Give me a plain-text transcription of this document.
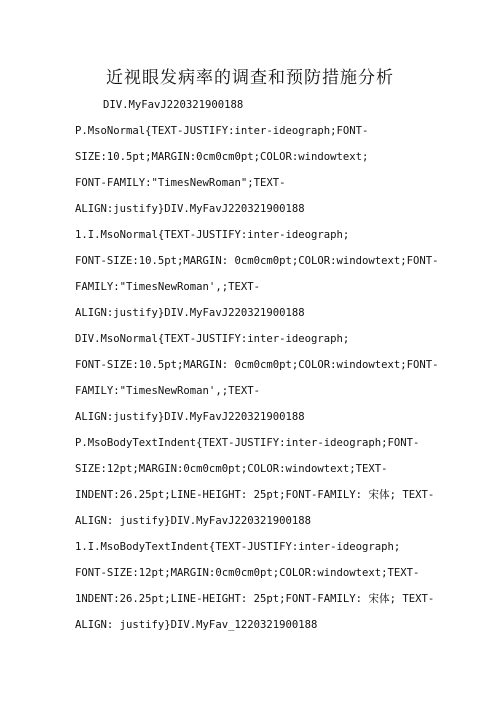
近视眼发病率的调查和预防措施分析
DIV.MyFavJ220321900188
P.MsoNormal{TEXT-JUSTIFY:inter-ideograph;FONT-
SIZE:10.5pt;MARGIN:0cm0cm0pt;COLOR:windowtext;
FONT-FAMILY:"TimesNewRoman";TEXT-
ALIGN:justify}DIV.MyFavJ220321900188
1.I.MsoNormal{TEXT-JUSTIFY:inter-ideograph;
FONT-SIZE:10.5pt;MARGIN: 0cm0cm0pt;COLOR:windowtext;FONT-
FAMILY:"TimesNewRoman',;TEXT-
ALIGN:justify}DIV.MyFavJ220321900188
DIV.MsoNormal{TEXT-JUSTIFY:inter-ideograph;
FONT-SIZE:10.5pt;MARGIN: 0cm0cm0pt;COLOR:windowtext;FONT-
FAMILY:"TimesNewRoman',;TEXT-
ALIGN:justify}DIV.MyFavJ220321900188
P.MsoBodyTextIndent{TEXT-JUSTIFY:inter-ideograph;FONT-
SIZE:12pt;MARGIN:0cm0cm0pt;COLOR:windowtext;TEXT-
INDENT:26.25pt;LINE-HEIGHT: 25pt;FONT-FAMILY: 宋体; TEXT-
ALIGN: justify}DIV.MyFavJ220321900188
1.I.MsoBodyTextIndent{TEXT-JUSTIFY:inter-ideograph;
FONT-SIZE:12pt;MARGIN:0cm0cm0pt;COLOR:windowtext;TEXT-
1NDENT:26.25pt;LINE-HEIGHT: 25pt;FONT-FAMILY: 宋体; TEXT-
ALIGN: justify}DIV.MyFav_1220321900188
